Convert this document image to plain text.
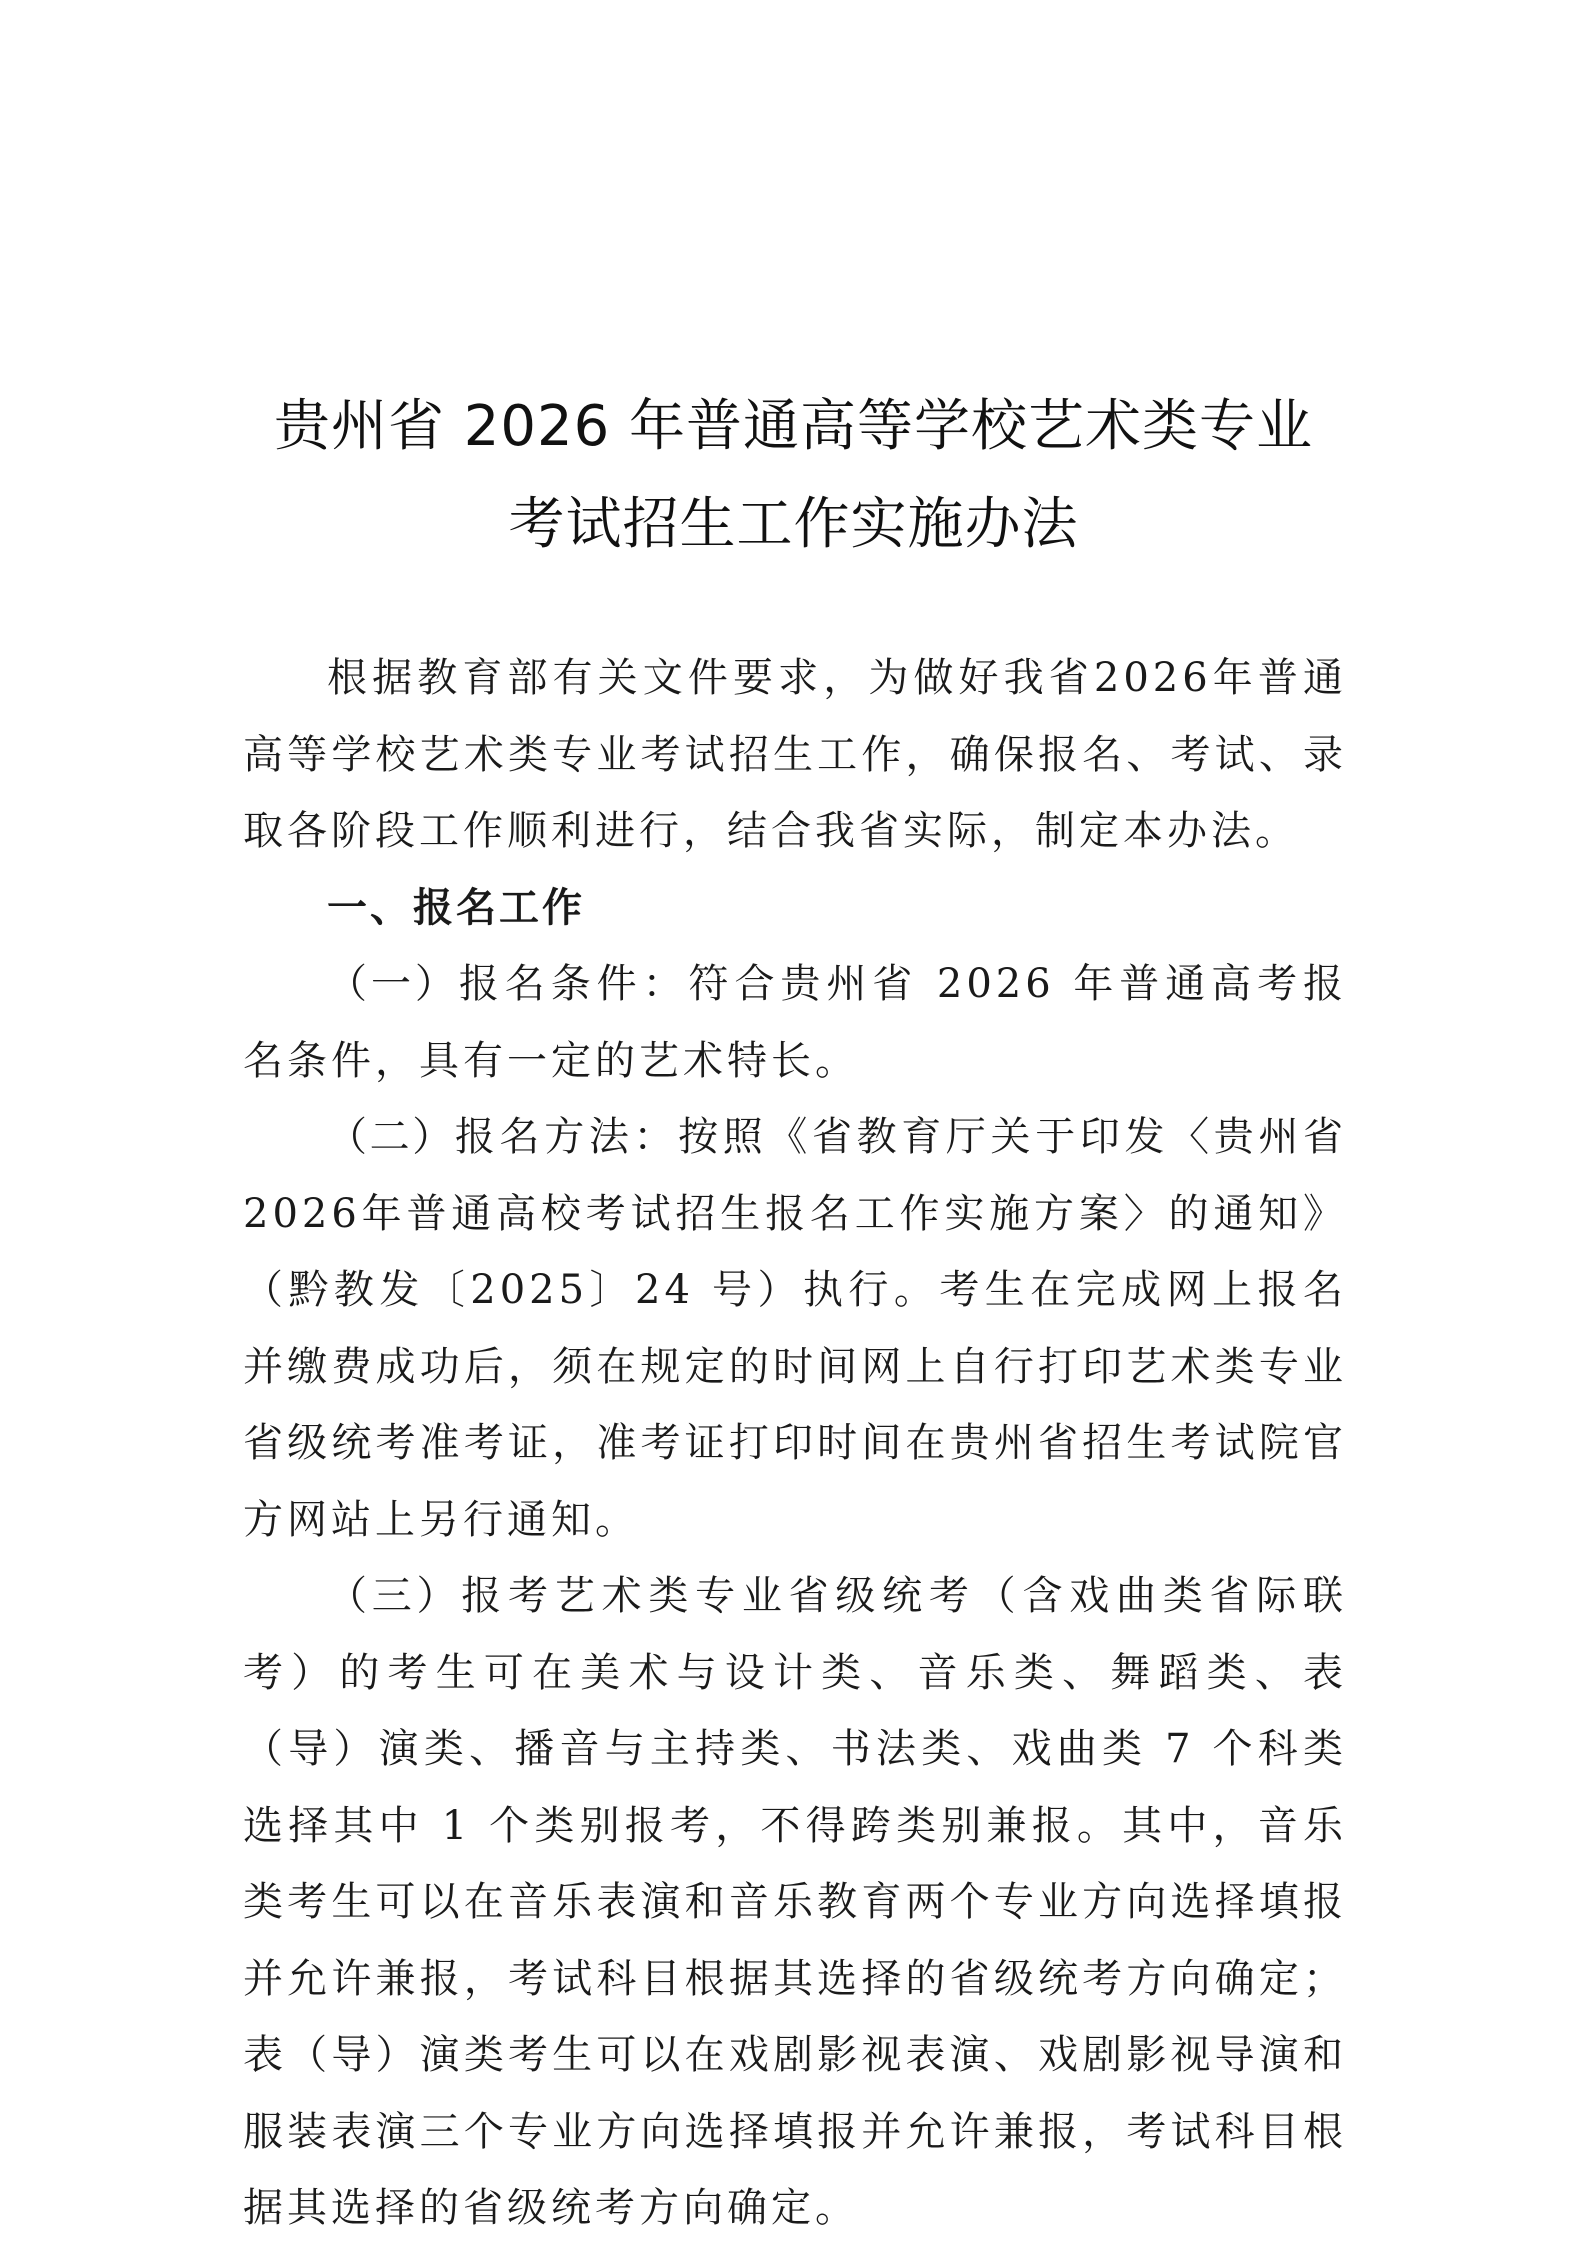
贵州省 2026 年普通高等学校艺术类专业
考试招生工作实施办法

根据教育部有关文件要求，为做好我省2026年普通高等学校艺术类专业考试招生工作，确保报名、考试、录取各阶段工作顺利进行，结合我省实际，制定本办法。

一、报名工作

（一）报名条件：符合贵州省 2026 年普通高考报名条件，具有一定的艺术特长。

（二）报名方法：按照《省教育厅关于印发〈贵州省 2026年普通高校考试招生报名工作实施方案〉的通知》（黔教发〔2025〕24 号）执行。考生在完成网上报名并缴费成功后，须在规定的时间网上自行打印艺术类专业省级统考准考证，准考证打印时间在贵州省招生考试院官方网站上另行通知。

（三）报考艺术类专业省级统考（含戏曲类省际联考）的考生可在美术与设计类、音乐类、舞蹈类、表（导）演类、播音与主持类、书法类、戏曲类 7 个科类选择其中 1 个类别报考，不得跨类别兼报。其中，音乐类考生可以在音乐表演和音乐教育两个专业方向选择填报并允许兼报，考试科目根据其选择的省级统考方向确定；表（导）演类考生可以在戏剧影视表演、戏剧影视导演和服装表演三个专业方向选择填报并允许兼报，考试科目根据其选择的省级统考方向确定。
